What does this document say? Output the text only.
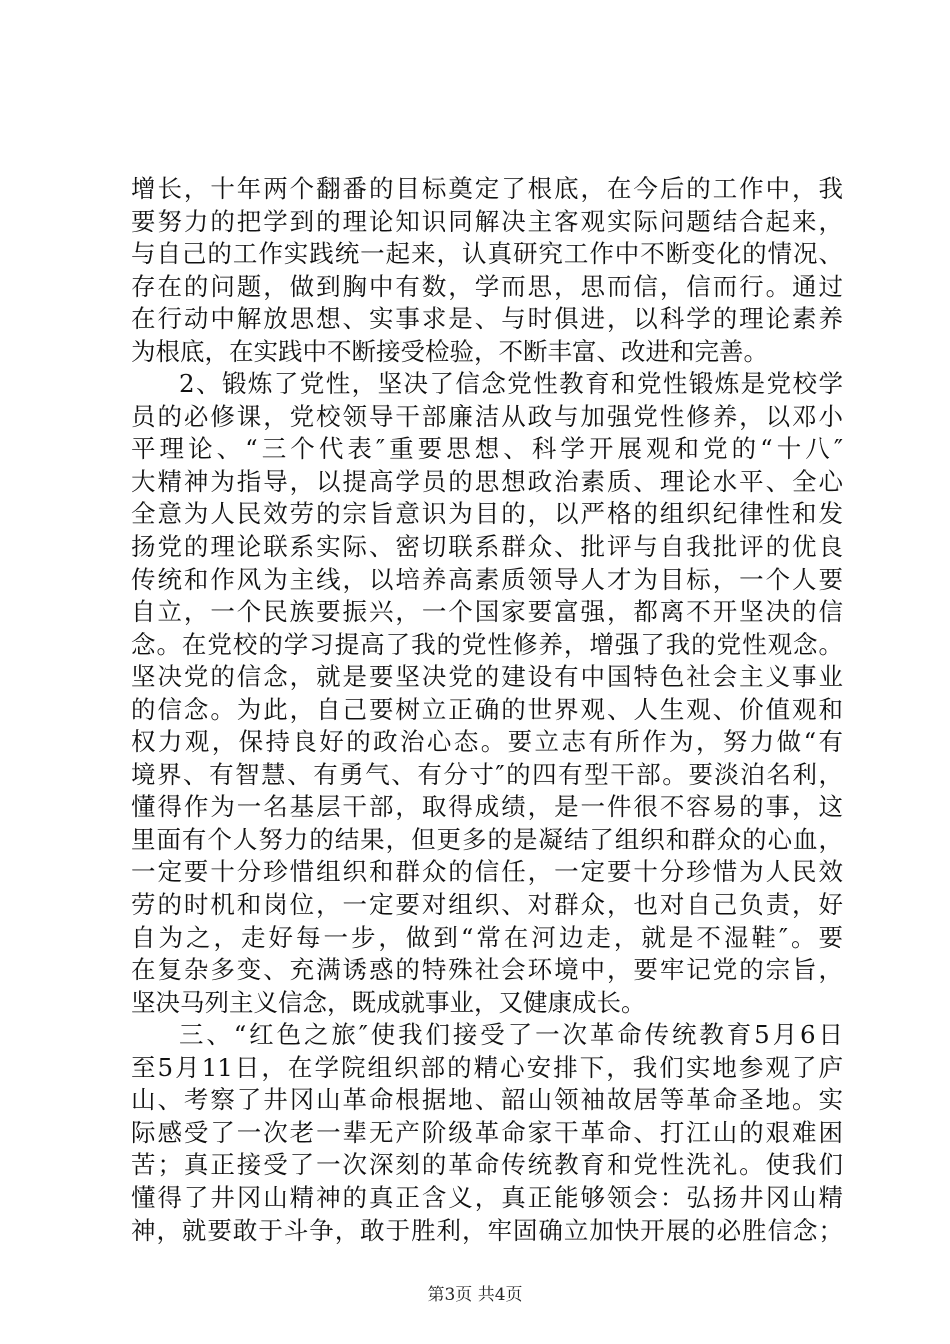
增长，十年两个翻番的目标奠定了根底，在今后的工作中，我
要努力的把学到的理论知识同解决主客观实际问题结合起来，
与自己的工作实践统一起来，认真研究工作中不断变化的情况、
存在的问题，做到胸中有数，学而思，思而信，信而行。通过
在行动中解放思想、实事求是、与时俱进，以科学的理论素养
为根底，在实践中不断接受检验，不断丰富、改进和完善。
2、锻炼了党性，坚决了信念党性教育和党性锻炼是党校学
员的必修课，党校领导干部廉洁从政与加强党性修养，以邓小
平理论、“三个代表″重要思想、科学开展观和党的“十八″
大精神为指导，以提高学员的思想政治素质、理论水平、全心
全意为人民效劳的宗旨意识为目的，以严格的组织纪律性和发
扬党的理论联系实际、密切联系群众、批评与自我批评的优良
传统和作风为主线，以培养高素质领导人才为目标，一个人要
自立，一个民族要振兴，一个国家要富强，都离不开坚决的信
念。在党校的学习提高了我的党性修养，增强了我的党性观念。
坚决党的信念，就是要坚决党的建设有中国特色社会主义事业
的信念。为此，自己要树立正确的世界观、人生观、价值观和
权力观，保持良好的政治心态。要立志有所作为，努力做“有
境界、有智慧、有勇气、有分寸″的四有型干部。要淡泊名利，
懂得作为一名基层干部，取得成绩，是一件很不容易的事，这
里面有个人努力的结果，但更多的是凝结了组织和群众的心血，
一定要十分珍惜组织和群众的信任，一定要十分珍惜为人民效
劳的时机和岗位，一定要对组织、对群众，也对自己负责，好
自为之，走好每一步，做到“常在河边走，就是不湿鞋″。要
在复杂多变、充满诱惑的特殊社会环境中，要牢记党的宗旨，
坚决马列主义信念，既成就事业，又健康成长。
三、“红色之旅″使我们接受了一次革命传统教育5月6日
至5月11日，在学院组织部的精心安排下，我们实地参观了庐
山、考察了井冈山革命根据地、韶山领袖故居等革命圣地。实
际感受了一次老一辈无产阶级革命家干革命、打江山的艰难困
苦；真正接受了一次深刻的革命传统教育和党性洗礼。使我们
懂得了井冈山精神的真正含义，真正能够领会：弘扬井冈山精
神，就要敢于斗争，敢于胜利，牢固确立加快开展的必胜信念；
第3页 共4页
